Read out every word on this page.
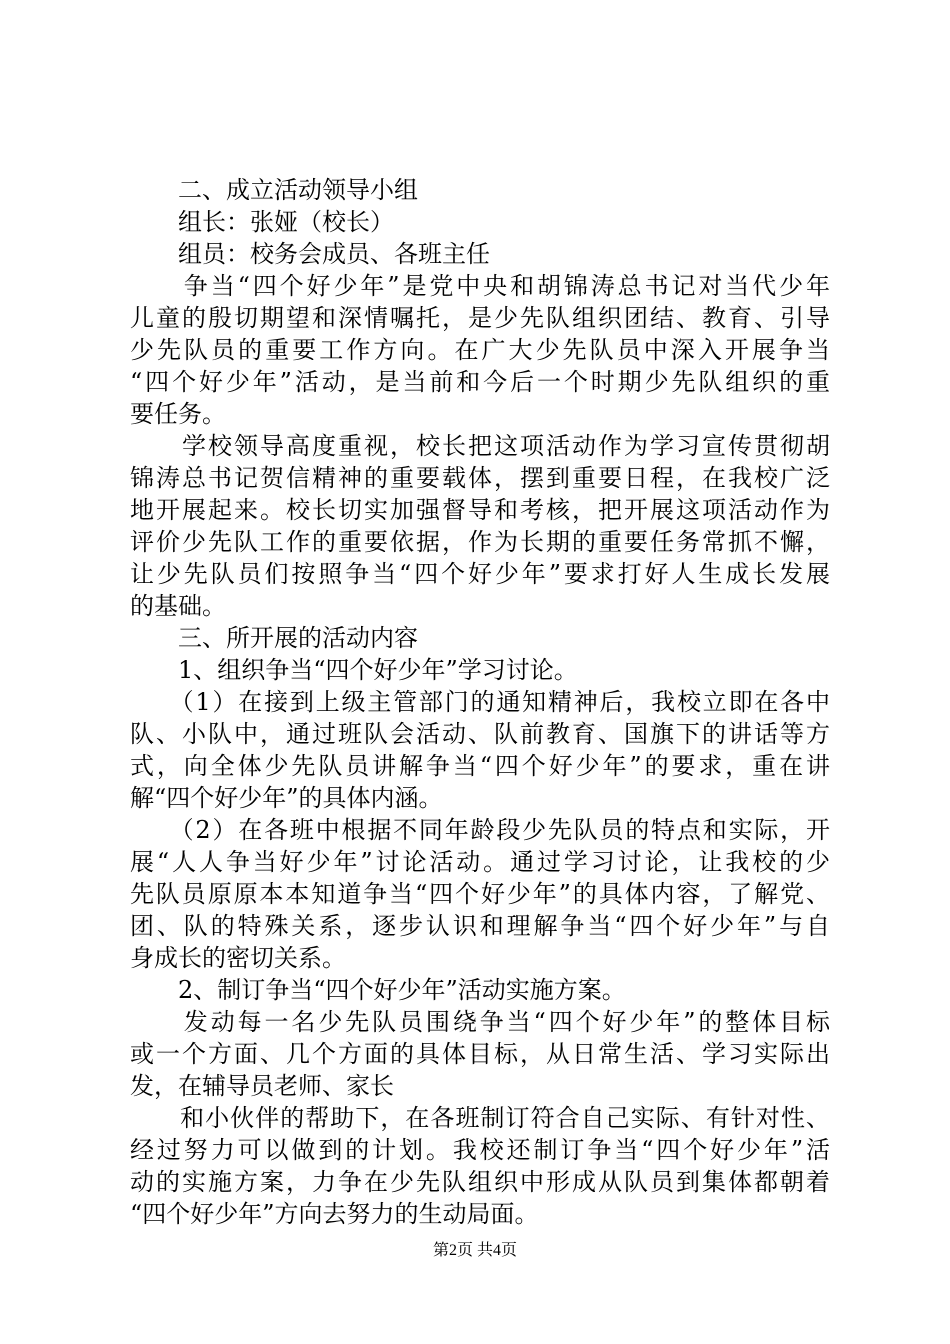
　　二、成立活动领导小组
　　组长：张娅（校长）
　　组员：校务会成员、各班主任
　　争当“四个好少年”是党中央和胡锦涛总书记对当代少年
儿童的殷切期望和深情嘱托，是少先队组织团结、教育、引导
少先队员的重要工作方向。在广大少先队员中深入开展争当
“四个好少年”活动，是当前和今后一个时期少先队组织的重
要任务。
　　学校领导高度重视，校长把这项活动作为学习宣传贯彻胡
锦涛总书记贺信精神的重要载体，摆到重要日程，在我校广泛
地开展起来。校长切实加强督导和考核，把开展这项活动作为
评价少先队工作的重要依据，作为长期的重要任务常抓不懈，
让少先队员们按照争当“四个好少年”要求打好人生成长发展
的基础。
　　三、所开展的活动内容
　　1、组织争当“四个好少年”学习讨论。
　　（1）在接到上级主管部门的通知精神后，我校立即在各中
队、小队中，通过班队会活动、队前教育、国旗下的讲话等方
式，向全体少先队员讲解争当“四个好少年”的要求，重在讲
解“四个好少年”的具体内涵。
　　（2）在各班中根据不同年龄段少先队员的特点和实际，开
展“人人争当好少年”讨论活动。通过学习讨论，让我校的少
先队员原原本本知道争当“四个好少年”的具体内容，了解党、
团、队的特殊关系，逐步认识和理解争当“四个好少年”与自
身成长的密切关系。
　　2、制订争当“四个好少年”活动实施方案。
　　发动每一名少先队员围绕争当“四个好少年”的整体目标
或一个方面、几个方面的具体目标，从日常生活、学习实际出
发，在辅导员老师、家长
　　和小伙伴的帮助下，在各班制订符合自己实际、有针对性、
经过努力可以做到的计划。我校还制订争当“四个好少年”活
动的实施方案，力争在少先队组织中形成从队员到集体都朝着
“四个好少年”方向去努力的生动局面。
第2页 共4页
